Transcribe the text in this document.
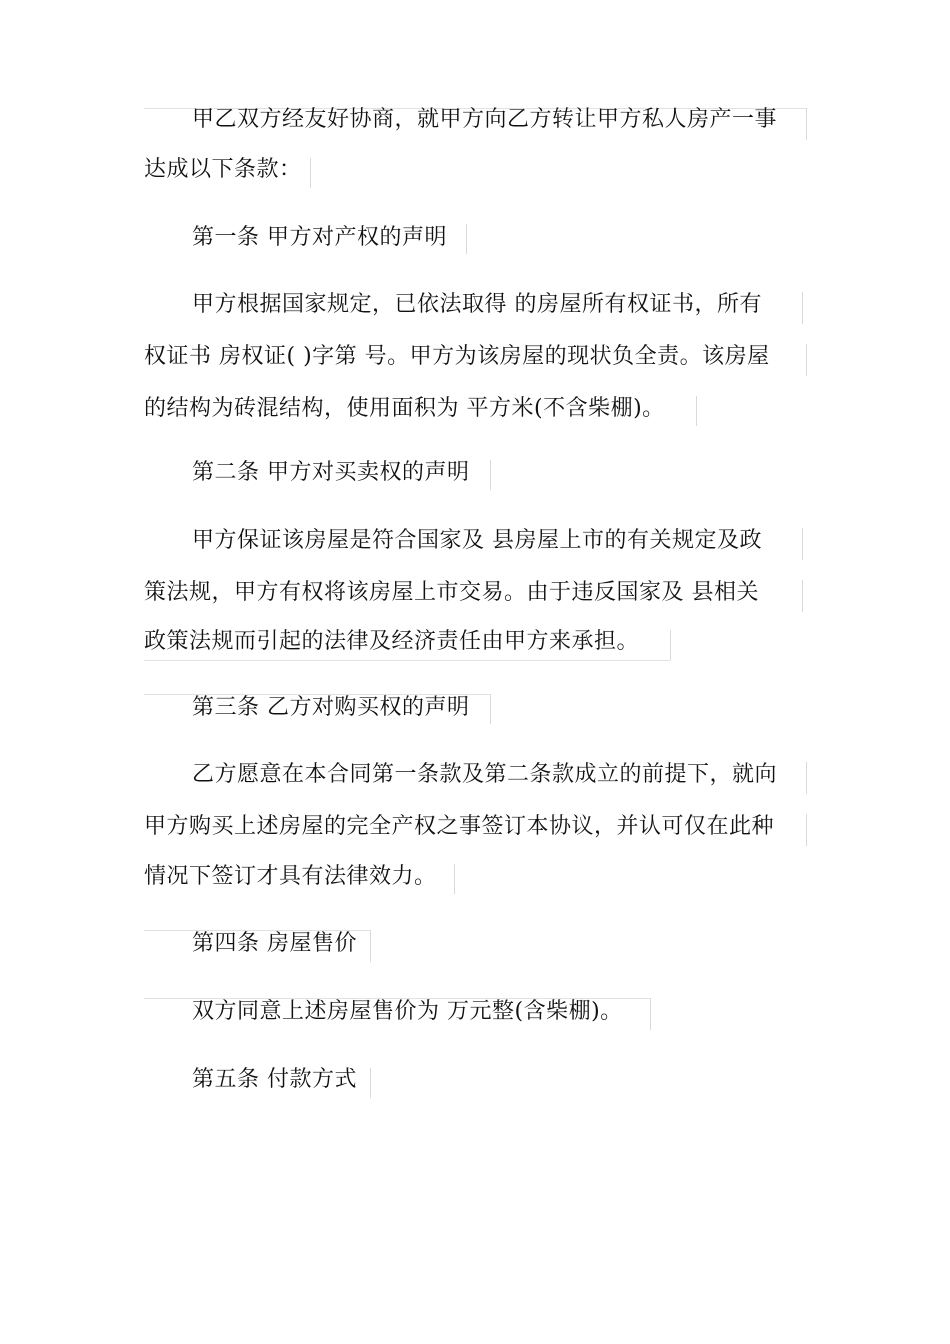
甲乙双方经友好协商，就甲方向乙方转让甲方私人房产一事
达成以下条款：
第一条 甲方对产权的声明
甲方根据国家规定，已依法取得 的房屋所有权证书，所有
权证书 房权证( )字第 号。甲方为该房屋的现状负全责。该房屋
的结构为砖混结构，使用面积为 平方米(不含柴棚)。
第二条 甲方对买卖权的声明
甲方保证该房屋是符合国家及 县房屋上市的有关规定及政
策法规，甲方有权将该房屋上市交易。由于违反国家及 县相关
政策法规而引起的法律及经济责任由甲方来承担。
第三条 乙方对购买权的声明
乙方愿意在本合同第一条款及第二条款成立的前提下，就向
甲方购买上述房屋的完全产权之事签订本协议，并认可仅在此种
情况下签订才具有法律效力。
第四条 房屋售价
双方同意上述房屋售价为 万元整(含柴棚)。
第五条 付款方式
